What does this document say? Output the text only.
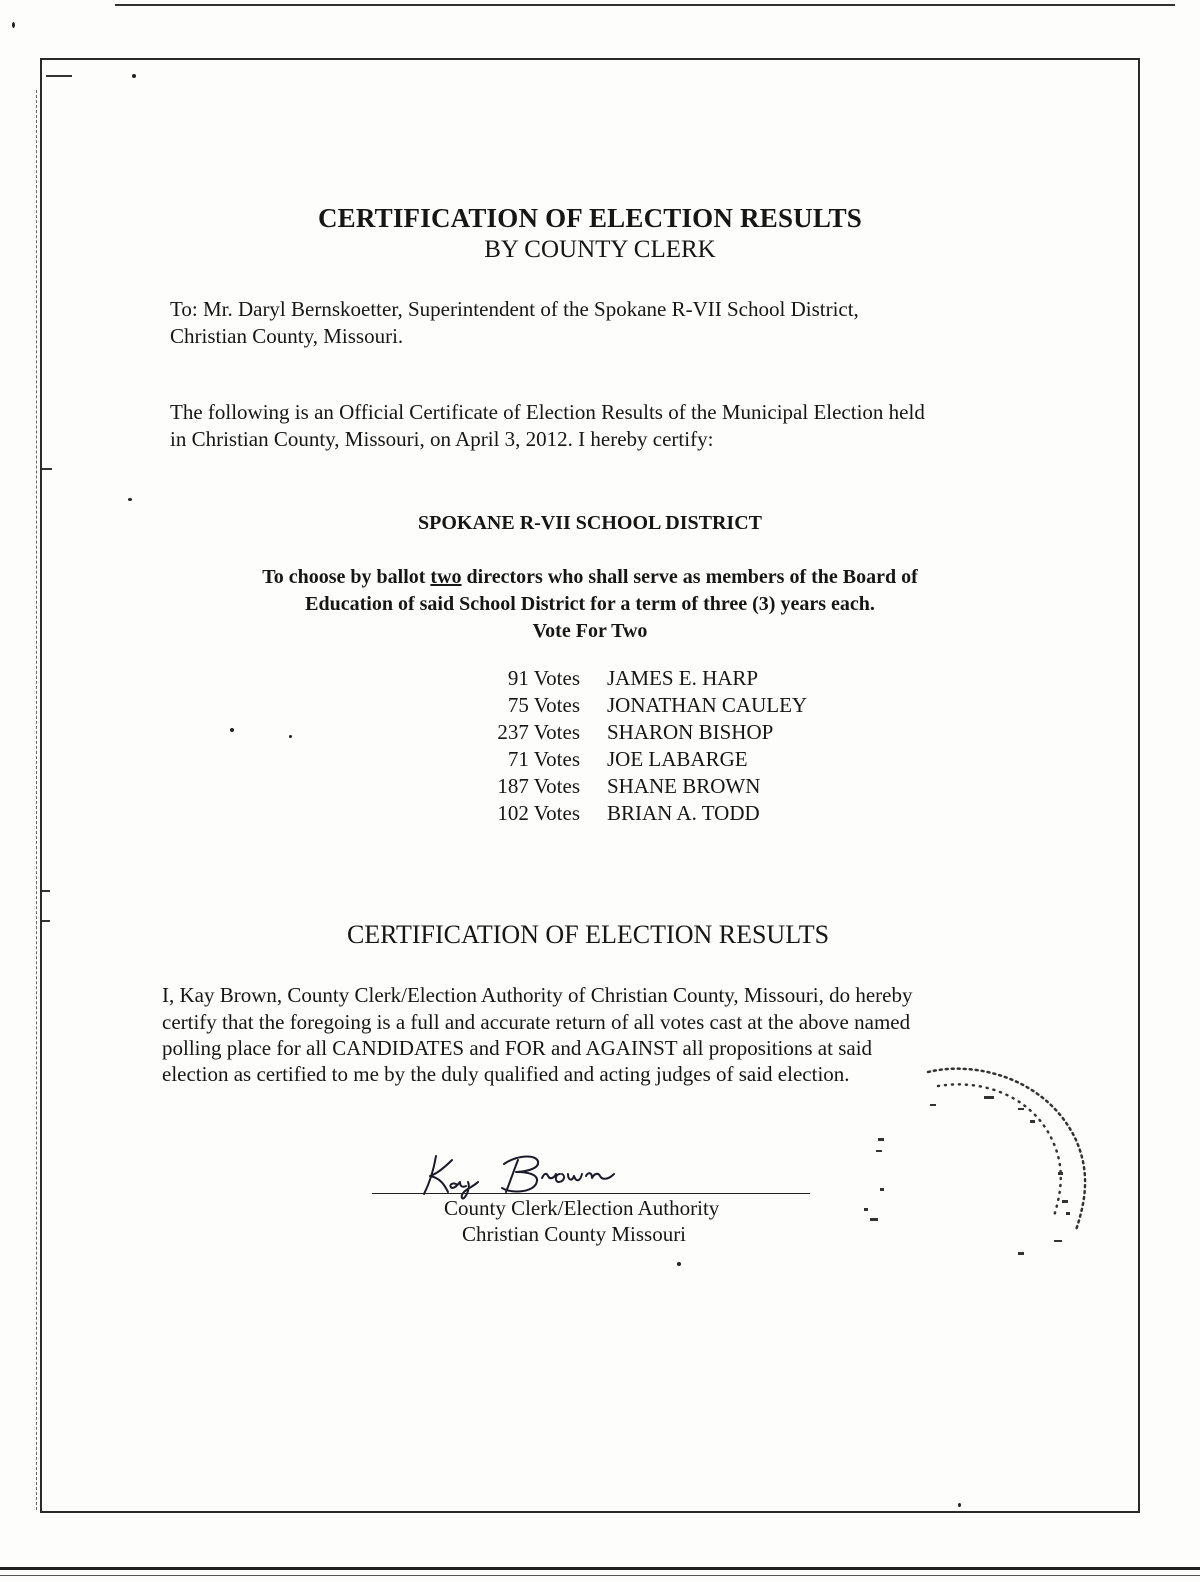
CERTIFICATION OF ELECTION RESULTS
BY COUNTY CLERK
To: Mr. Daryl Bernskoetter, Superintendent of the Spokane R-VII School District,
Christian County, Missouri.
The following is an Official Certificate of Election Results of the Municipal Election held
in Christian County, Missouri, on April 3, 2012. I hereby certify:
SPOKANE R-VII SCHOOL DISTRICT
To choose by ballot two directors who shall serve as members of the Board of
Education of said School District for a term of three (3) years each.
Vote For Two
91 Votes JAMES E. HARP
75 Votes JONATHAN CAULEY
237 Votes SHARON BISHOP
71 Votes JOE LABARGE
187 Votes SHANE BROWN
102 Votes BRIAN A. TODD
CERTIFICATION OF ELECTION RESULTS
I, Kay Brown, County Clerk/Election Authority of Christian County, Missouri, do hereby
certify that the foregoing is a full and accurate return of all votes cast at the above named
polling place for all CANDIDATES and FOR and AGAINST all propositions at said
election as certified to me by the duly qualified and acting judges of said election.
County Clerk/Election Authority
Christian County Missouri
